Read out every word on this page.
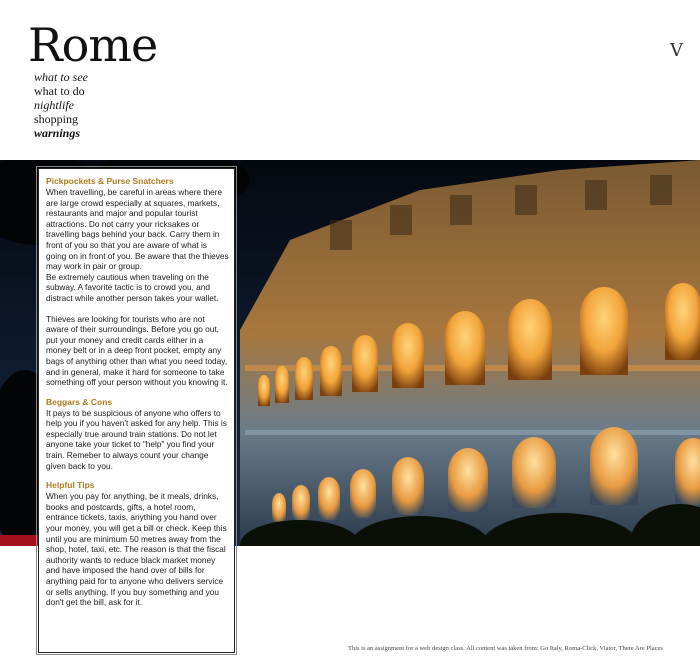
Rome	V
what to see
what to do
nightlife
shopping
warnings
Pickpockets & Purse Snatchers

When travelling, be careful in areas where there are large crowd especially at squares, markets, restaurants and major and popular tourist attractions. Do not carry your ricksakes or travelling bags behind your back. Carry them in front of you so that you are aware of what is going on in front of you. Be aware that the thieves may work in pair or group.

Be extremely cautious when traveling on the subway. A favorite tactic is to crowd you, and distract while another person takes your wallet.

Thieves are looking for tourists who are not aware of their surroundings. Before you go out, put your money and credit cards either in a money belt or in a deep front pocket, empty any bags of anything other than what you need today, and in general, make it hard for someone to take something off your person without you knowing it.

Beggars & Cons

It pays to be suspicious of anyone who offers to help you if you haven't asked for any help. This is especially true around train stations. Do not let anyone take your ticket to "help" you find your train. Remeber to always count your change given back to you.

Helpful Tips

When you pay for anything, be it meals, drinks, books and postcards, gifts, a hotel room, entrance tickets, taxis, anything you hand over your money, you will get a bill or check. Keep this until you are minimum 50 metres away from the shop, hotel, taxi, etc. The reason is that the fiscal authority wants to reduce black market money and have imposed the hand over of bills for anything paid for to anyone who delivers service or sells anything. If you buy something and you don't get the bill, ask for it.

This is an assignment for a web design class. All content was taken from: Go Italy, Roma-Click, Viator, There Are Places
